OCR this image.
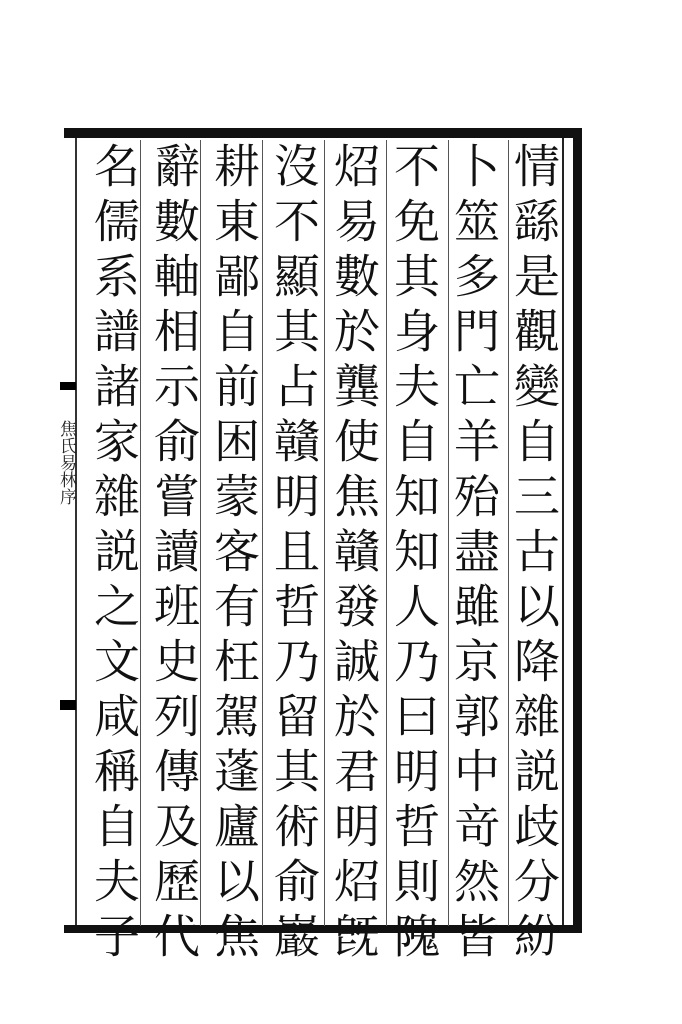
情繇是觀變自三古以降雜説歧分紛

卜筮多門亡羊殆盡雖京郭中竒然皆

不免其身夫自知知人乃曰明哲則隗

炤易數於龔使焦贛發誠於君明炤旣

沒不顯其占贛明且哲乃留其術俞巖

耕東鄙自前困蒙客有枉駕蓬廬以焦

辭數軸相示俞嘗讀班史列傳及歷代

名儒系譜諸家雜説之文咸稱自夫子

焦氏易林序
